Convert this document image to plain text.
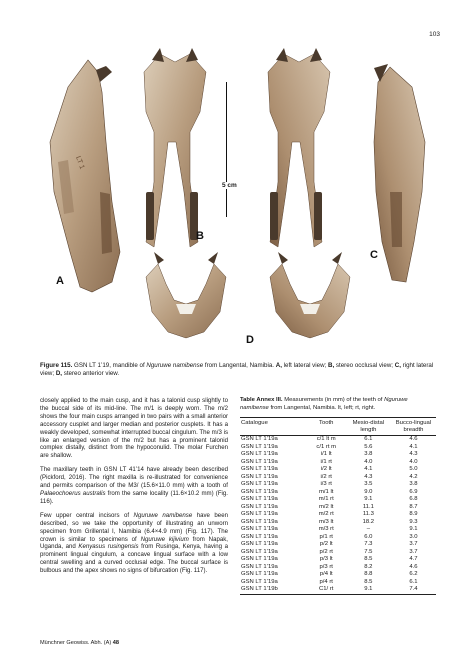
103
LT 1
5 cm
A
B
C
D
Figure 115. GSN LT 1’19, mandible of Nguruwe namibense from Langental, Namibia. A, left lateral view; B, stereo occlusal view; C, right lateral view; D, stereo anterior view.

closely applied to the main cusp, and it has a talonid cusp slightly to the buccal side of its mid-line. The m/1 is deeply worn. The m/2 shows the four main cusps arranged in two pairs with a small anterior accessory cusplet and larger median and posterior cusplets. It has a weakly developed, somewhat interrupted buccal cingulum. The m/3 is like an enlarged version of the m/2 but has a prominent talonid complex distally, distinct from the hypoconulid. The molar Furchen are shallow.

The maxillary teeth in GSN LT 41’14 have already been described (Pickford, 2016). The right maxilla is re-illustrated for convenience and permits comparison of the M3/ (15.6×11.0 mm) with a tooth of Palaeochoerus australis from the same locality (11.6×10.2 mm) (Fig. 116).

Few upper central incisors of Nguruwe namibense have been described, so we take the opportunity of illustrating an unworn specimen from Grillental I, Namibia (6.4×4.9 mm) (Fig. 117). The crown is similar to specimens of Nguruwe kijivium from Napak, Uganda, and Kenyasus rusingensis from Rusinga, Kenya, having a prominent lingual cingulum, a concave lingual surface with a low central swelling and a curved occlusal edge. The buccal surface is bulbous and the apex shows no signs of bifurcation (Fig. 117).

Table Annex III. Measurements (in mm) of the teeth of Nguruwe namibense from Langental, Namibia. lt, left; rt, right.
Catalogue	Tooth	Mesio-distal length	Bucco-lingual breadth
GSN LT 1’19a	c/1 lt m	6.1	4.6
GSN LT 1’19a	c/1 rt m	5.6	4.1
GSN LT 1’19a	i/1 lt	3.8	4.3
GSN LT 1’19a	i/1 rt	4.0	4.0
GSN LT 1’19a	i/2 lt	4.1	5.0
GSN LT 1’19a	i/2 rt	4.3	4.2
GSN LT 1’19a	i/3 rt	3.5	3.8
GSN LT 1’19a	m/1 lt	9.0	6.9
GSN LT 1’19a	m/1 rt	9.1	6.8
GSN LT 1’19a	m/2 lt	11.1	8.7
GSN LT 1’19a	m/2 rt	11.3	8.9
GSN LT 1’19a	m/3 lt	18.2	9.3
GSN LT 1’19a	m/3 rt	–	9.1
GSN LT 1’19a	p/1 rt	6.0	3.0
GSN LT 1’19a	p/2 lt	7.3	3.7
GSN LT 1’19a	p/2 rt	7.5	3.7
GSN LT 1’19a	p/3 lt	8.5	4.7
GSN LT 1’19a	p/3 rt	8.2	4.6
GSN LT 1’19a	p/4 lt	8.8	6.2
GSN LT 1’19a	p/4 rt	8.5	6.1
GSN LT 1’19b	C1/ rt	9.1	7.4
Münchner Geowiss. Abh. (A) 48
